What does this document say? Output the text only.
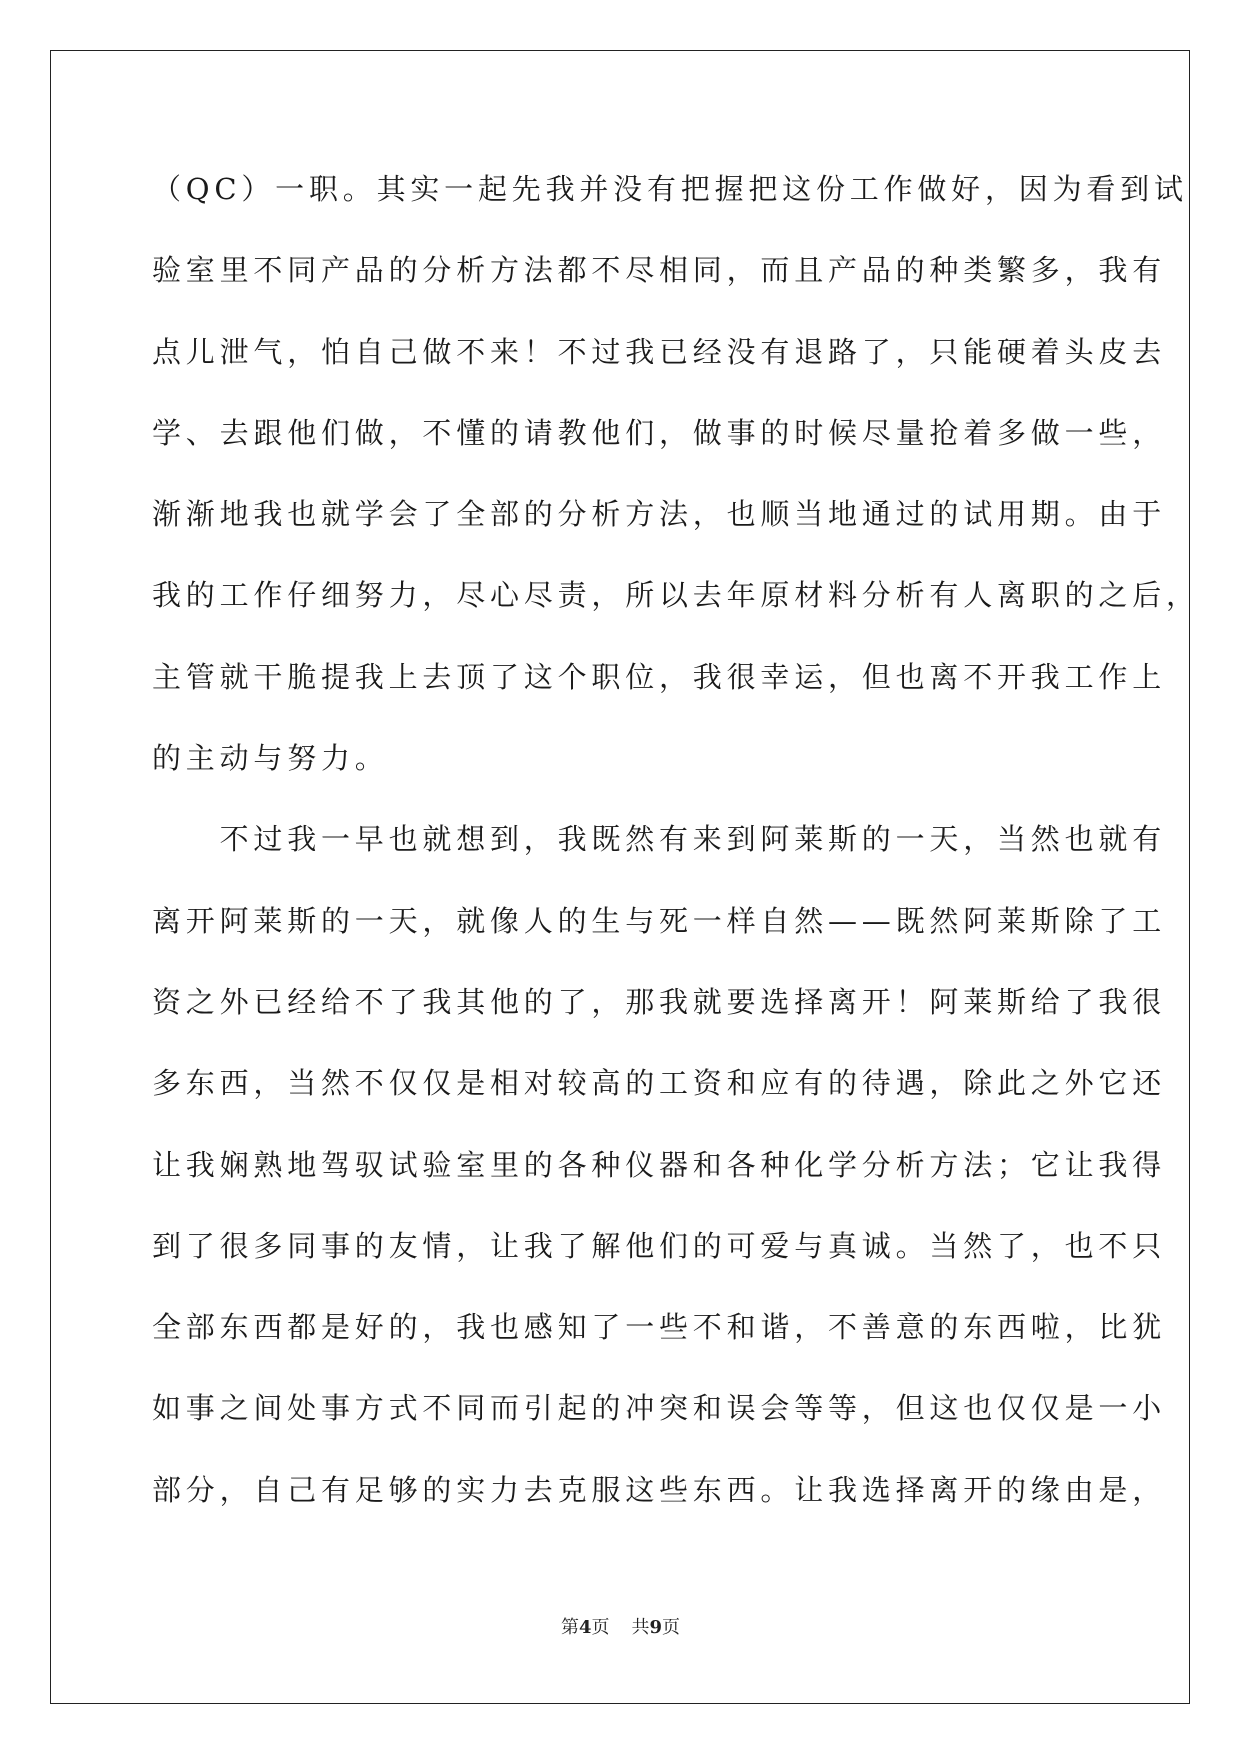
（QC）一职。其实一起先我并没有把握把这份工作做好，因为看到试
验室里不同产品的分析方法都不尽相同，而且产品的种类繁多，我有
点儿泄气，怕自己做不来！不过我已经没有退路了，只能硬着头皮去
学、去跟他们做，不懂的请教他们，做事的时候尽量抢着多做一些，
渐渐地我也就学会了全部的分析方法，也顺当地通过的试用期。由于
我的工作仔细努力，尽心尽责，所以去年原材料分析有人离职的之后，
主管就干脆提我上去顶了这个职位，我很幸运，但也离不开我工作上
的主动与努力。
　　不过我一早也就想到，我既然有来到阿莱斯的一天，当然也就有
离开阿莱斯的一天，就像人的生与死一样自然——既然阿莱斯除了工
资之外已经给不了我其他的了，那我就要选择离开！阿莱斯给了我很
多东西，当然不仅仅是相对较高的工资和应有的待遇，除此之外它还
让我娴熟地驾驭试验室里的各种仪器和各种化学分析方法；它让我得
到了很多同事的友情，让我了解他们的可爱与真诚。当然了，也不只
全部东西都是好的，我也感知了一些不和谐，不善意的东西啦，比犹
如事之间处事方式不同而引起的冲突和误会等等，但这也仅仅是一小
部分，自己有足够的实力去克服这些东西。让我选择离开的缘由是，
第4页 共9页
